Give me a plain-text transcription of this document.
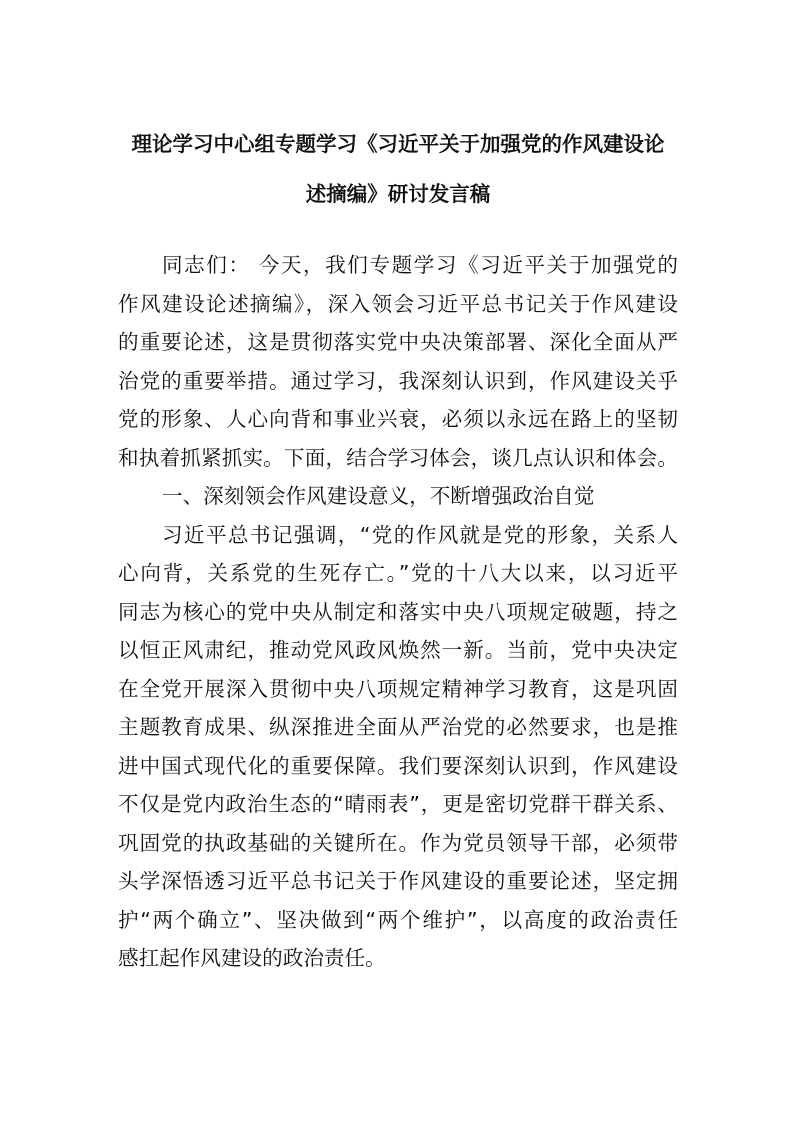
理论学习中心组专题学习《习近平关于加强党的作风建设论
述摘编》研讨发言稿
同志们： 今天，我们专题学习《习近平关于加强党的
作风建设论述摘编》，深入领会习近平总书记关于作风建设
的重要论述，这是贯彻落实党中央决策部署、深化全面从严
治党的重要举措。通过学习，我深刻认识到，作风建设关乎
党的形象、人心向背和事业兴衰，必须以永远在路上的坚韧
和执着抓紧抓实。下面，结合学习体会，谈几点认识和体会。
一、深刻领会作风建设意义，不断增强政治自觉
习近平总书记强调，“党的作风就是党的形象，关系人
心向背，关系党的生死存亡。”党的十八大以来，以习近平
同志为核心的党中央从制定和落实中央八项规定破题，持之
以恒正风肃纪，推动党风政风焕然一新。当前，党中央决定
在全党开展深入贯彻中央八项规定精神学习教育，这是巩固
主题教育成果、纵深推进全面从严治党的必然要求，也是推
进中国式现代化的重要保障。我们要深刻认识到，作风建设
不仅是党内政治生态的“晴雨表”，更是密切党群干群关系、
巩固党的执政基础的关键所在。作为党员领导干部，必须带
头学深悟透习近平总书记关于作风建设的重要论述，坚定拥
护“两个确立”、坚决做到“两个维护”，以高度的政治责任
感扛起作风建设的政治责任。
